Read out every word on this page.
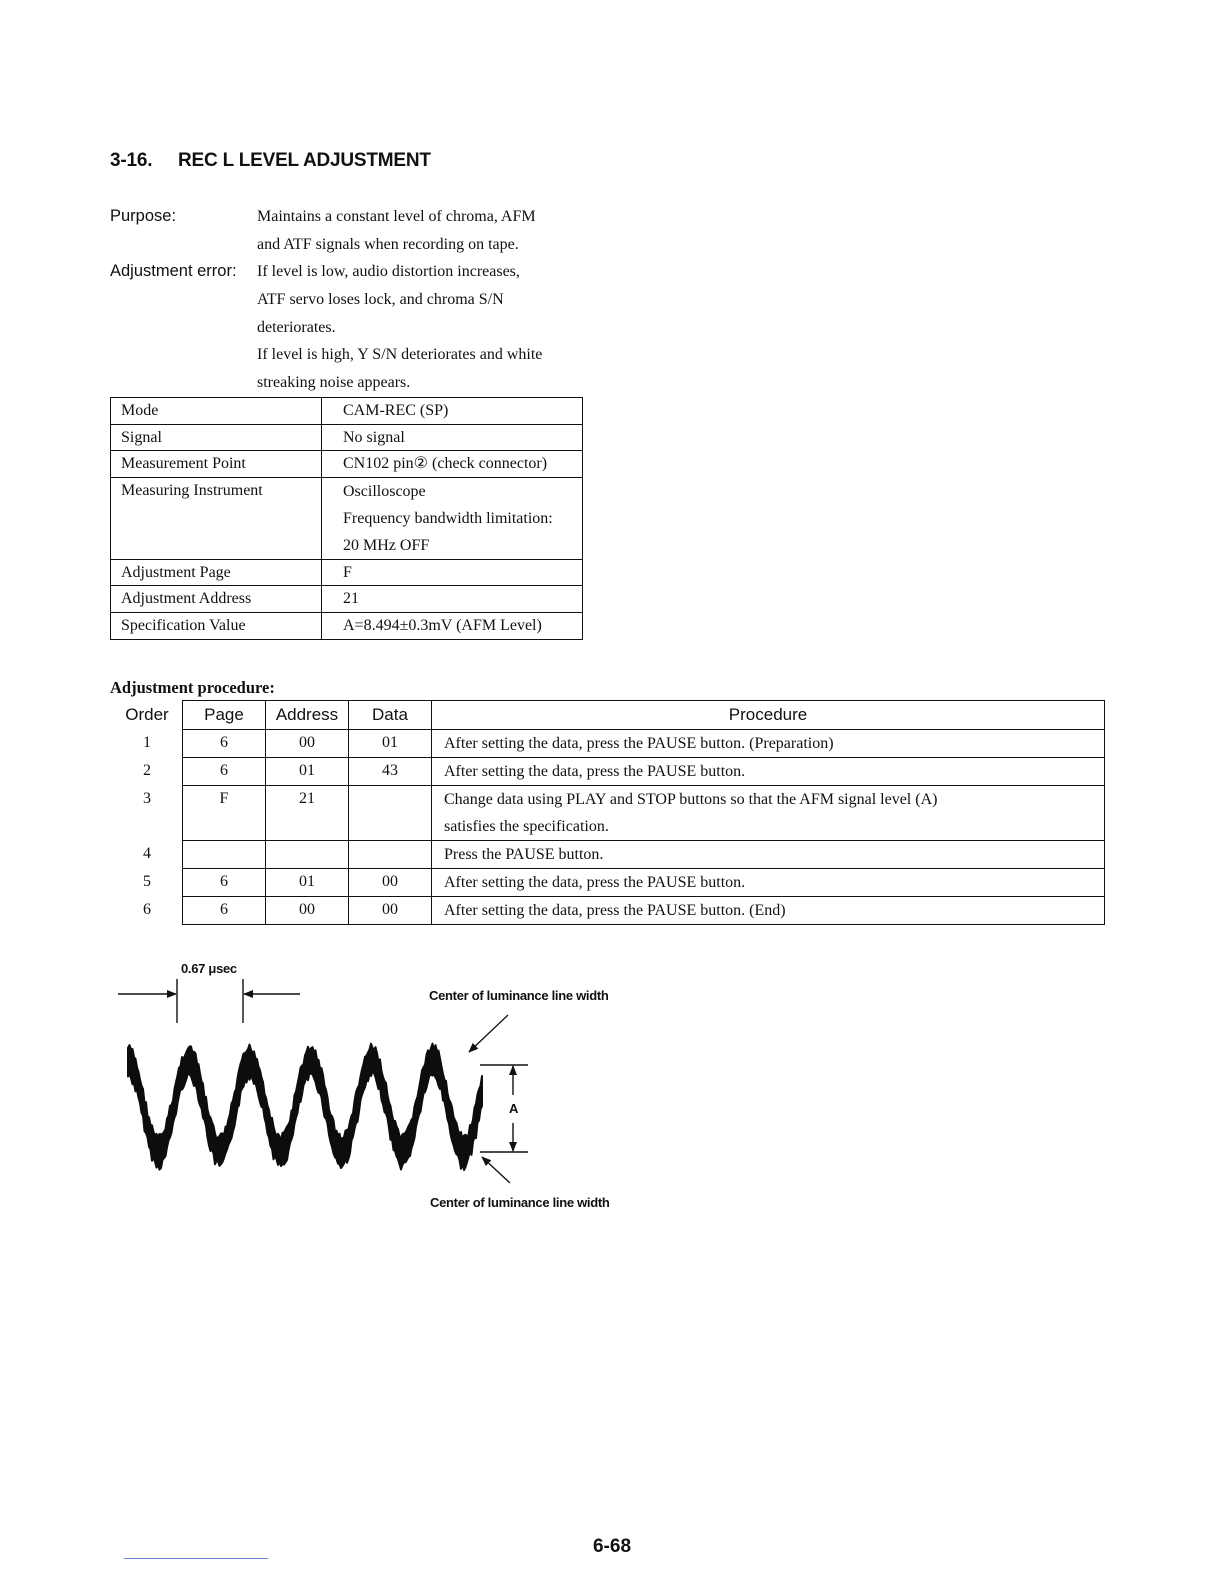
3-16. REC L LEVEL ADJUSTMENT
Purpose:	Maintains a constant level of chroma, AFM
and ATF signals when recording on tape.
Adjustment error: If level is low, audio distortion increases,
ATF servo loses lock, and chroma S/N
deteriorates.
If level is high, Y S/N deteriorates and white
streaking noise appears.
Mode	CAM-REC (SP)
Signal	No signal
Measurement Point	CN102 pin② (check connector)
Measuring Instrument	Oscilloscope
Frequency bandwidth limitation:
20 MHz OFF

Adjustment Page	F
Adjustment Address	21
Specification Value	A=8.494±0.3mV (AFM Level)
Adjustment procedure:
Order	Page	Address	Data	Procedure
1	6	00	01	After setting the data, press the PAUSE button. (Preparation)
2	6	01	43	After setting the data, press the PAUSE button.
3	F	21		Change data using PLAY and STOP buttons so that the AFM signal level (A)
satisfies the specification.

4				Press the PAUSE button.
5	6	01	00	After setting the data, press the PAUSE button.
6	6	00	00	After setting the data, press the PAUSE button. (End)
0.67 μsec
Center of luminance line width
Center of luminance line width
A
6-68
